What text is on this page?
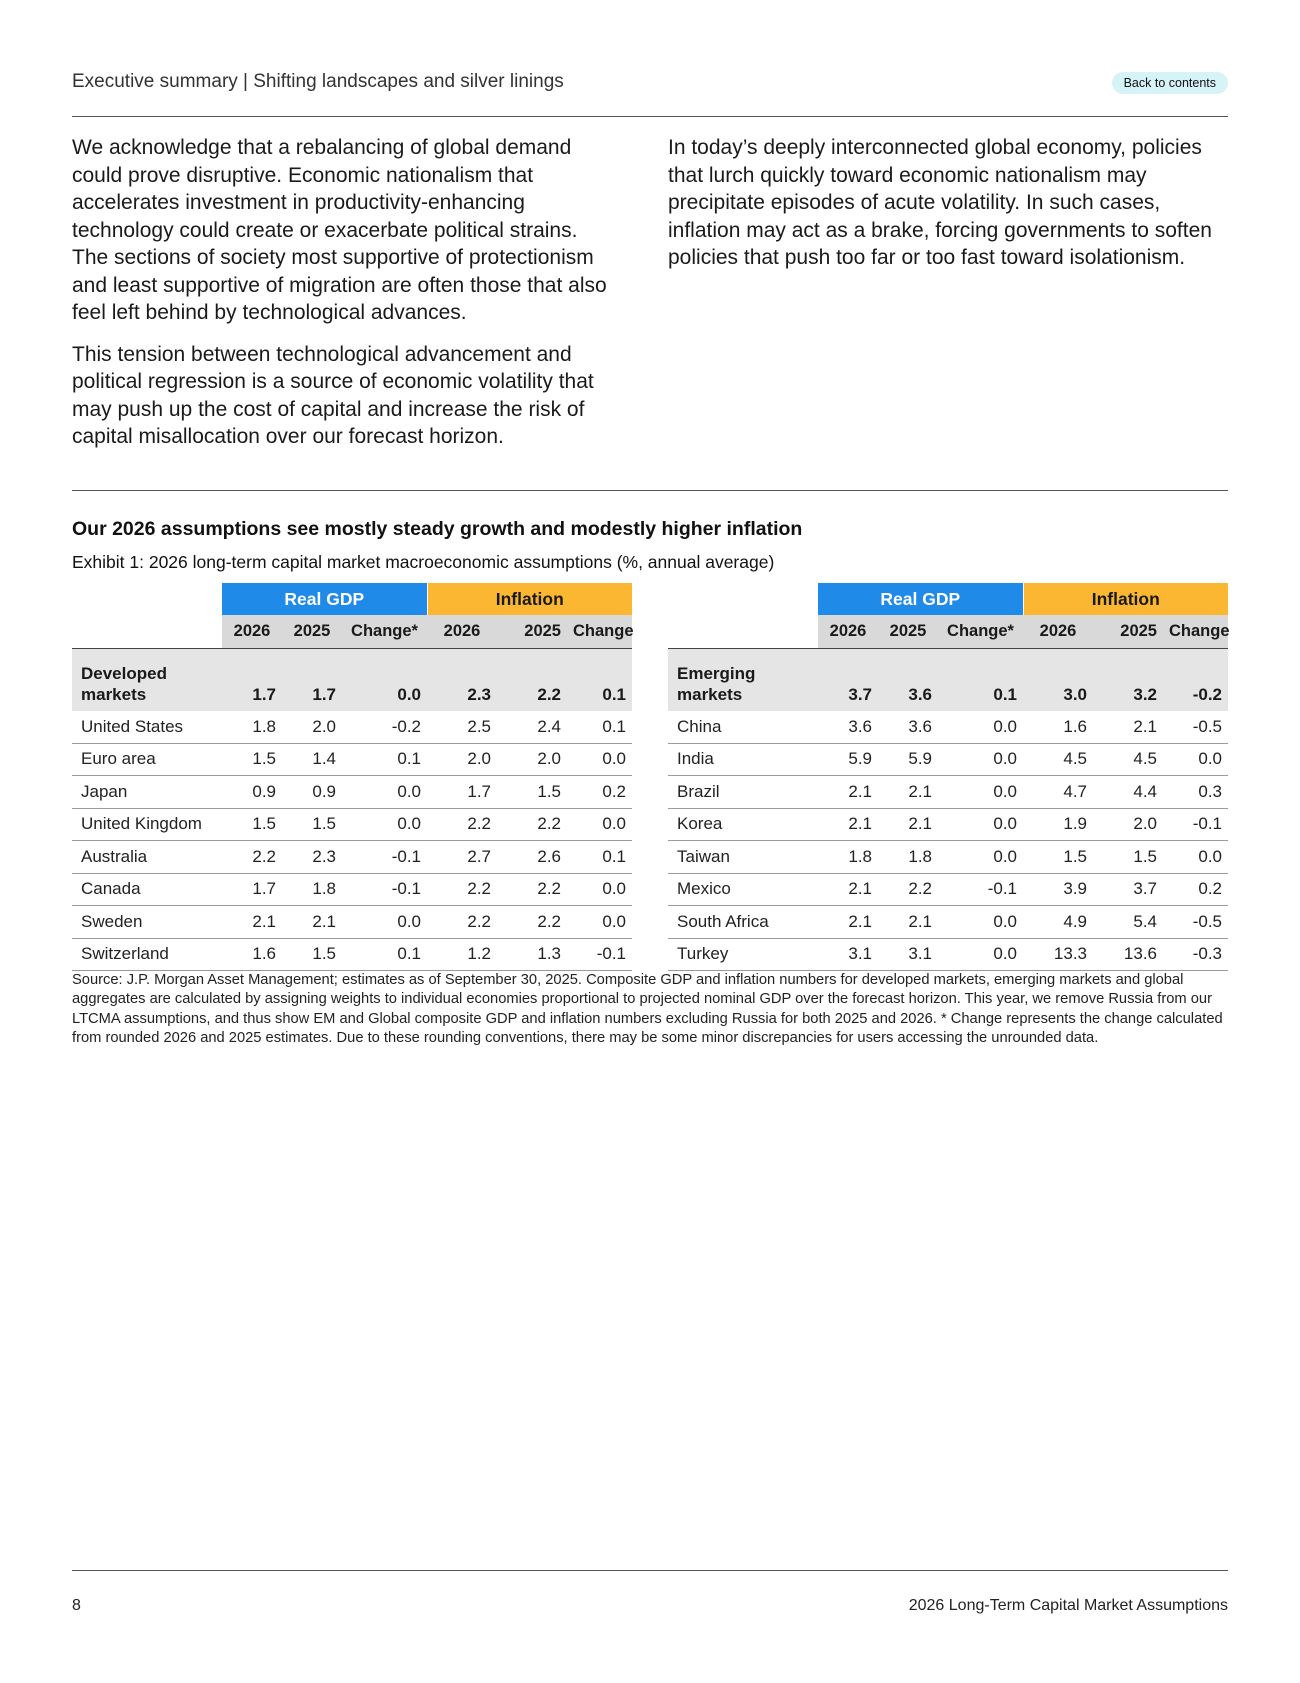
Executive summary | Shifting landscapes and silver linings	Back to contents

We acknowledge that a rebalancing of global demand could prove disruptive. Economic nationalism that accelerates investment in productivity-enhancing technology could create or exacerbate political strains. The sections of society most supportive of protectionism and least supportive of migration are often those that also feel left behind by technological advances.

This tension between technological advancement and political regression is a source of economic volatility that may push up the cost of capital and increase the risk of capital misallocation over our forecast horizon.

In today’s deeply interconnected global economy, policies that lurch quickly toward economic nationalism may precipitate episodes of acute volatility. In such cases, inflation may act as a brake, forcing governments to soften policies that push too far or too fast toward isolationism.

Our 2026 assumptions see mostly steady growth and modestly higher inflation
Exhibit 1: 2026 long-term capital market macroeconomic assumptions (%, annual average)
	Real GDP			Inflation		
	2026	2025	Change*	2026	2025	Change
Developed markets	1.7	1.7	0.0	2.3	2.2	0.1
United States	1.8	2.0	-0.2	2.5	2.4	0.1
Euro area	1.5	1.4	0.1	2.0	2.0	0.0
Japan	0.9	0.9	0.0	1.7	1.5	0.2
United Kingdom	1.5	1.5	0.0	2.2	2.2	0.0
Australia	2.2	2.3	-0.1	2.7	2.6	0.1
Canada	1.7	1.8	-0.1	2.2	2.2	0.0
Sweden	2.1	2.1	0.0	2.2	2.2	0.0
Switzerland	1.6	1.5	0.1	1.2	1.3	-0.1
	Real GDP			Inflation		
	2026	2025	Change*	2026	2025	Change
Emerging markets	3.7	3.6	0.1	3.0	3.2	-0.2
China	3.6	3.6	0.0	1.6	2.1	-0.5
India	5.9	5.9	0.0	4.5	4.5	0.0
Brazil	2.1	2.1	0.0	4.7	4.4	0.3
Korea	2.1	2.1	0.0	1.9	2.0	-0.1
Taiwan	1.8	1.8	0.0	1.5	1.5	0.0
Mexico	2.1	2.2	-0.1	3.9	3.7	0.2
South Africa	2.1	2.1	0.0	4.9	5.4	-0.5
Turkey	3.1	3.1	0.0	13.3	13.6	-0.3
Source: J.P. Morgan Asset Management; estimates as of September 30, 2025. Composite GDP and inflation numbers for developed markets, emerging markets and global aggregates are calculated by assigning weights to individual economies proportional to projected nominal GDP over the forecast horizon. This year, we remove Russia from our LTCMA assumptions, and thus show EM and Global composite GDP and inflation numbers excluding Russia for both 2025 and 2026. * Change represents the change calculated from rounded 2026 and 2025 estimates. Due to these rounding conventions, there may be some minor discrepancies for users accessing the unrounded data.
8	2026 Long-Term Capital Market Assumptions
